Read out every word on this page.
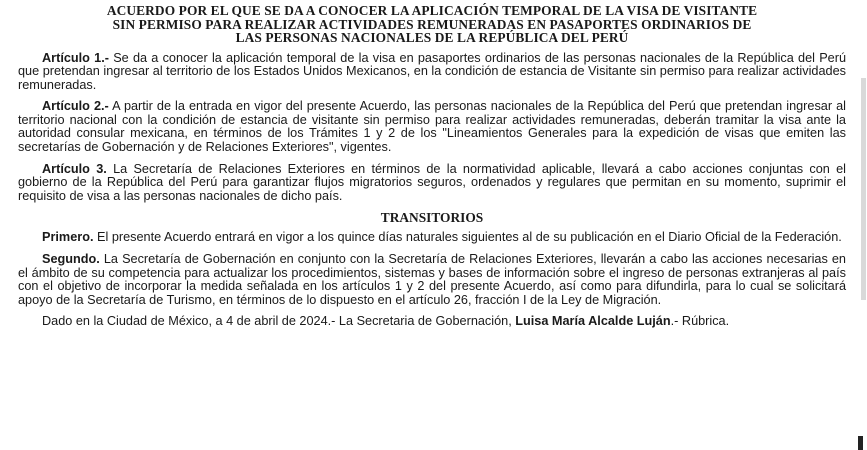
ACUERDO POR EL QUE SE DA A CONOCER LA APLICACIÓN TEMPORAL DE LA VISA DE VISITANTE
SIN PERMISO PARA REALIZAR ACTIVIDADES REMUNERADAS EN PASAPORTES ORDINARIOS DE
LAS PERSONAS NACIONALES DE LA REPÚBLICA DEL PERÚ

Artículo 1.- Se da a conocer la aplicación temporal de la visa en pasaportes ordinarios de las personas nacionales de la República del Perú que pretendan ingresar al territorio de los Estados Unidos Mexicanos, en la condición de estancia de Visitante sin permiso para realizar actividades remuneradas.

Artículo 2.- A partir de la entrada en vigor del presente Acuerdo, las personas nacionales de la República del Perú que pretendan ingresar al territorio nacional con la condición de estancia de visitante sin permiso para realizar actividades remuneradas, deberán tramitar la visa ante la autoridad consular mexicana, en términos de los Trámites 1 y 2 de los "Lineamientos Generales para la expedición de visas que emiten las secretarías de Gobernación y de Relaciones Exteriores", vigentes.

Artículo 3. La Secretaría de Relaciones Exteriores en términos de la normatividad aplicable, llevará a cabo acciones conjuntas con el gobierno de la República del Perú para garantizar flujos migratorios seguros, ordenados y regulares que permitan en su momento, suprimir el requisito de visa a las personas nacionales de dicho país.

TRANSITORIOS

Primero. El presente Acuerdo entrará en vigor a los quince días naturales siguientes al de su publicación en el Diario Oficial de la Federación.

Segundo. La Secretaría de Gobernación en conjunto con la Secretaría de Relaciones Exteriores, llevarán a cabo las acciones necesarias en el ámbito de su competencia para actualizar los procedimientos, sistemas y bases de información sobre el ingreso de personas extranjeras al país con el objetivo de incorporar la medida señalada en los artículos 1 y 2 del presente Acuerdo, así como para difundirla, para lo cual se solicitará apoyo de la Secretaría de Turismo, en términos de lo dispuesto en el artículo 26, fracción I de la Ley de Migración.

Dado en la Ciudad de México, a 4 de abril de 2024.- La Secretaria de Gobernación, Luisa María Alcalde Luján.- Rúbrica.
